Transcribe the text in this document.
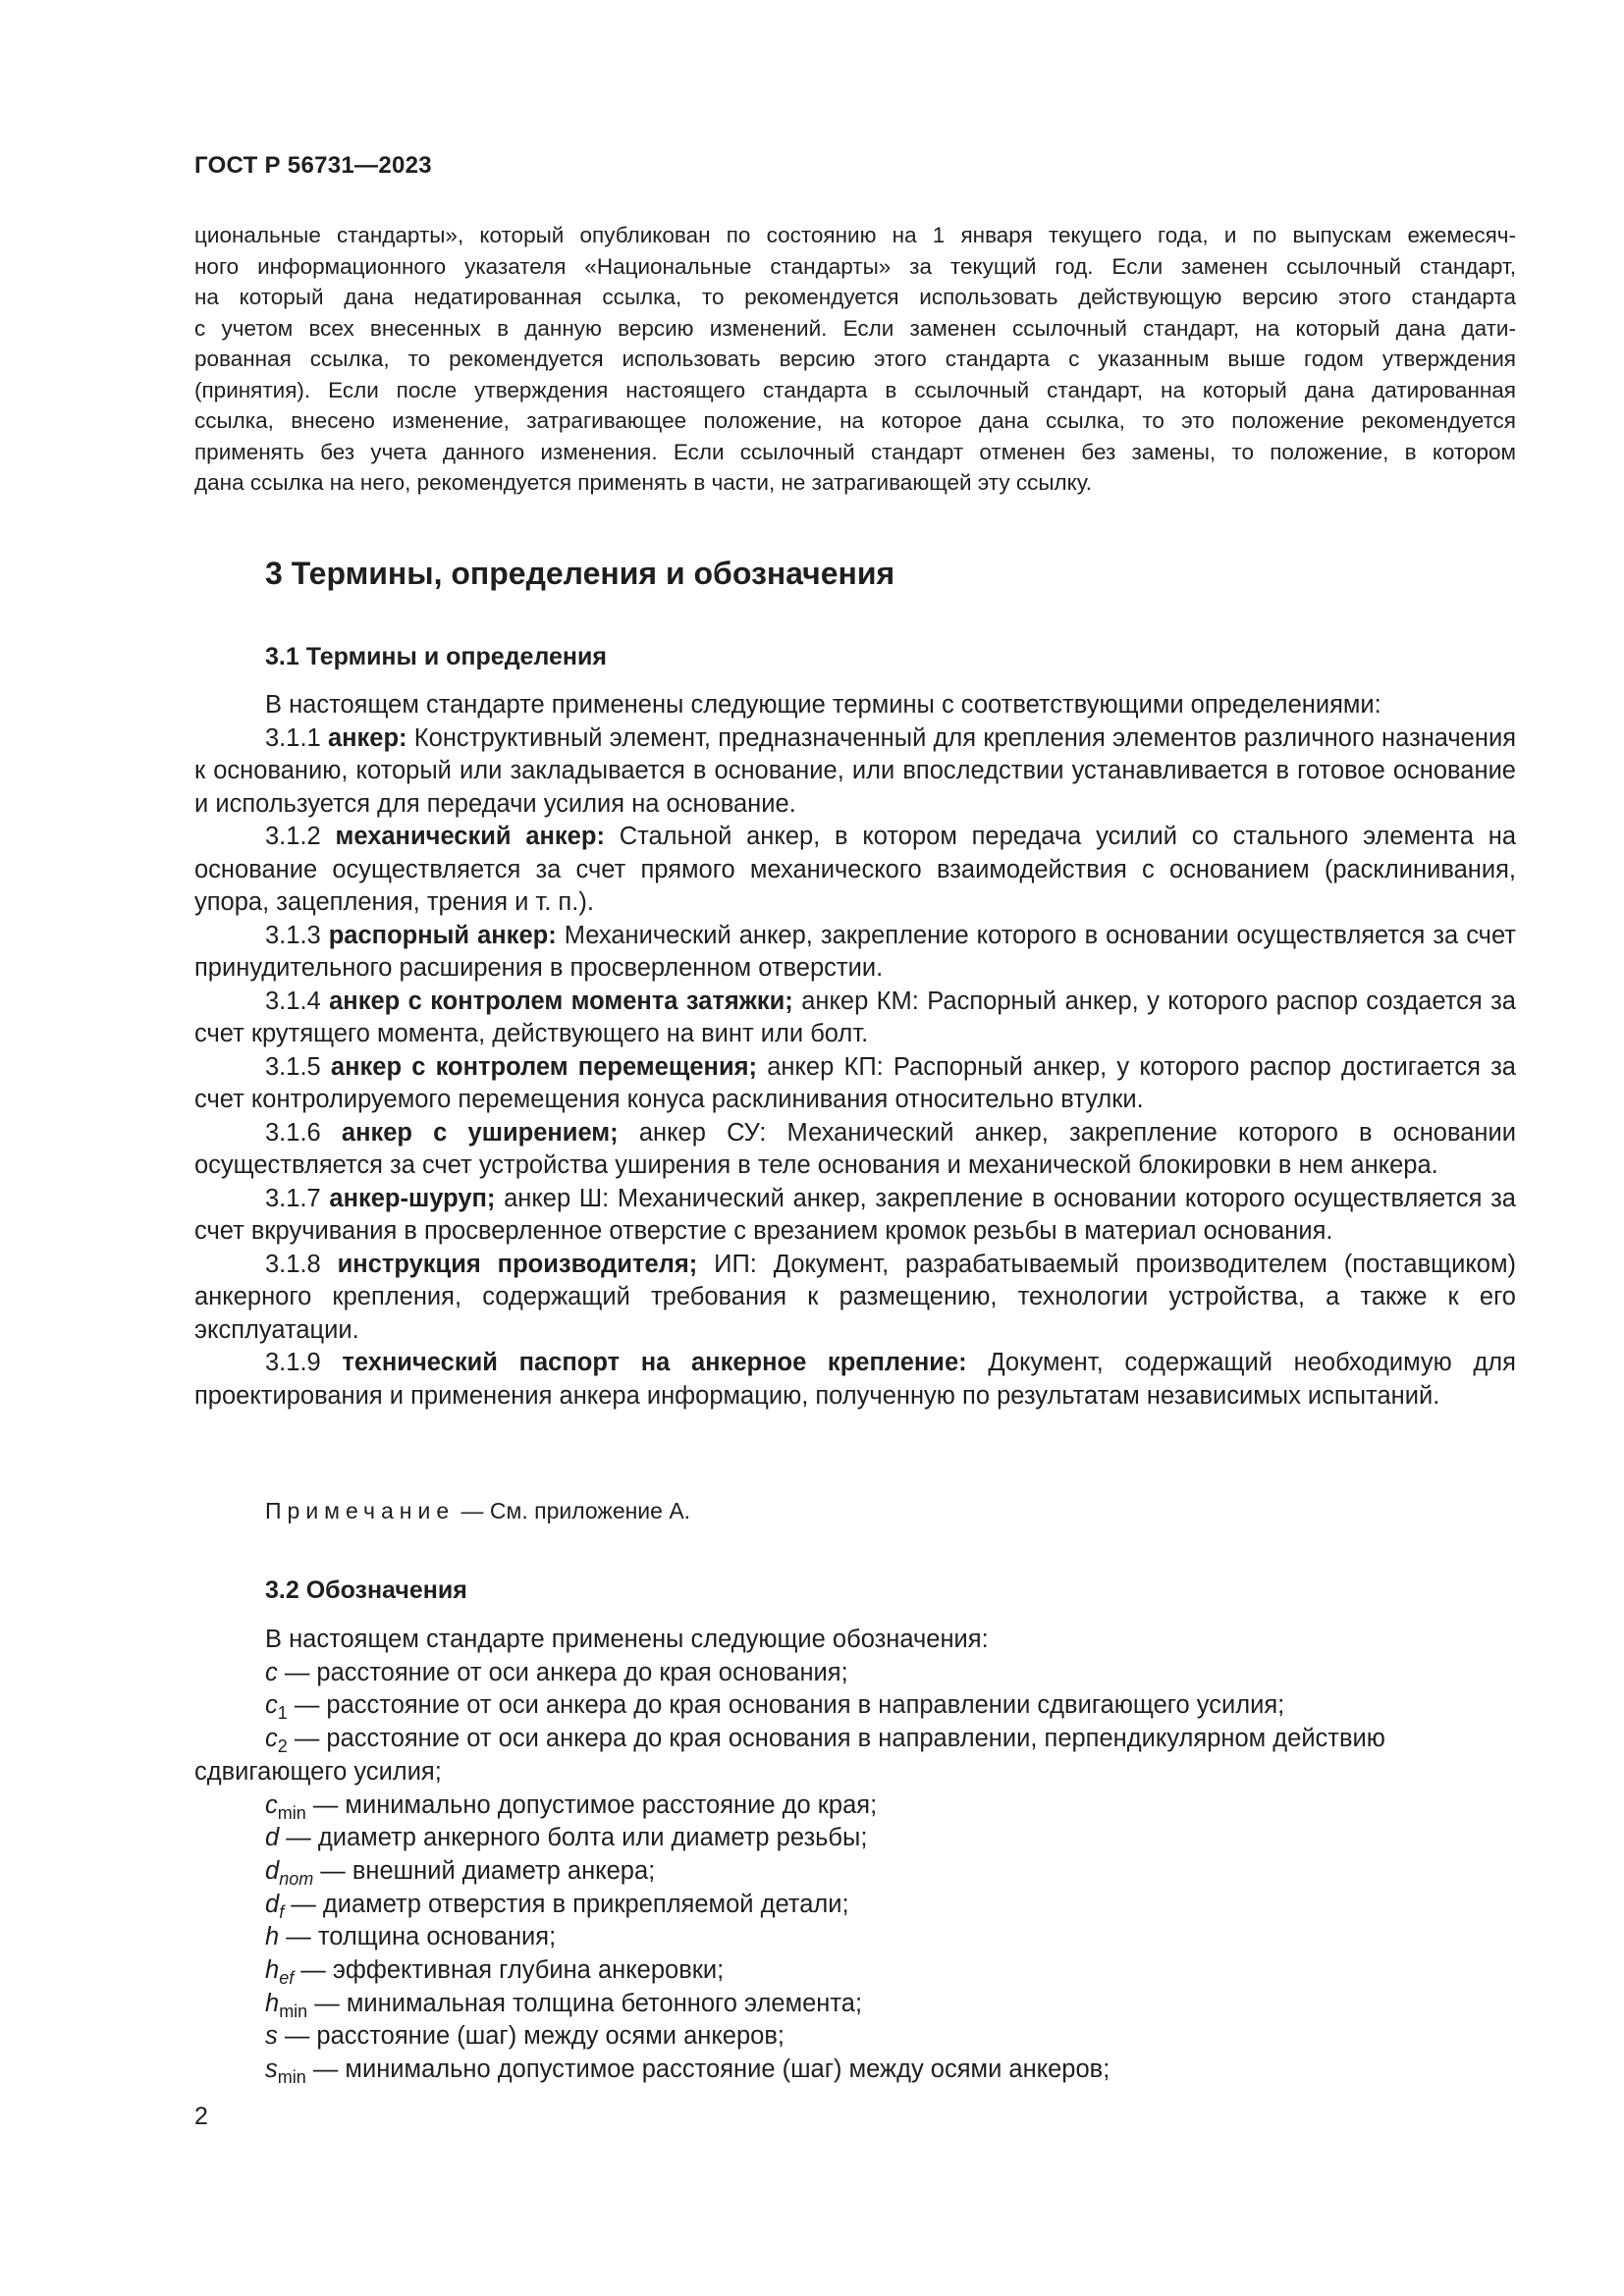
ГОСТ Р 56731—2023
циональные стандарты», который опубликован по состоянию на 1 января текущего года, и по выпускам ежемесяч-
ного информационного указателя «Национальные стандарты» за текущий год. Если заменен ссылочный стандарт,
на который дана недатированная ссылка, то рекомендуется использовать действующую версию этого стандарта
с учетом всех внесенных в данную версию изменений. Если заменен ссылочный стандарт, на который дана дати-
рованная ссылка, то рекомендуется использовать версию этого стандарта с указанным выше годом утверждения
(принятия). Если после утверждения настоящего стандарта в ссылочный стандарт, на который дана датированная
ссылка, внесено изменение, затрагивающее положение, на которое дана ссылка, то это положение рекомендуется
применять без учета данного изменения. Если ссылочный стандарт отменен без замены, то положение, в котором
дана ссылка на него, рекомендуется применять в части, не затрагивающей эту ссылку.
3 Термины, определения и обозначения
3.1 Термины и определения

В настоящем стандарте применены следующие термины с соответствующими определениями:

3.1.1 анкер: Конструктивный элемент, предназначенный для крепления элементов различного назначения к основанию, который или закладывается в основание, или впоследствии устанавливается в готовое основание и используется для передачи усилия на основание.

3.1.2 механический анкер: Стальной анкер, в котором передача усилий со стального элемента на основание осуществляется за счет прямого механического взаимодействия с основанием (расклинивания, упора, зацепления, трения и т. п.).

3.1.3 распорный анкер: Механический анкер, закрепление которого в основании осуществляется за счет принудительного расширения в просверленном отверстии.

3.1.4 анкер с контролем момента затяжки; анкер КМ: Распорный анкер, у которого распор создается за счет крутящего момента, действующего на винт или болт.

3.1.5 анкер с контролем перемещения; анкер КП: Распорный анкер, у которого распор достигается за счет контролируемого перемещения конуса расклинивания относительно втулки.

3.1.6 анкер с уширением; анкер СУ: Механический анкер, закрепление которого в основании осуществляется за счет устройства уширения в теле основания и механической блокировки в нем анкера.

3.1.7 анкер-шуруп; анкер Ш: Механический анкер, закрепление в основании которого осуществляется за счет вкручивания в просверленное отверстие с врезанием кромок резьбы в материал основания.

3.1.8 инструкция производителя; ИП: Документ, разрабатываемый производителем (поставщиком) анкерного крепления, содержащий требования к размещению, технологии устройства, а также к его эксплуатации.

3.1.9 технический паспорт на анкерное крепление: Документ, содержащий необходимую для проектирования и применения анкера информацию, полученную по результатам независимых испытаний.

Примечание — См. приложение А.
3.2 Обозначения

В настоящем стандарте применены следующие обозначения:

c — расстояние от оси анкера до края основания;

$c_1$ — расстояние от оси анкера до края основания в направлении сдвигающего усилия;

$c_2$ — расстояние от оси анкера до края основания в направлении, перпендикулярном действию сдвигающего усилия;

$c_{min}$ — минимально допустимое расстояние до края;

d — диаметр анкерного болта или диаметр резьбы;

$d_{nom}$ — внешний диаметр анкера;

$d_f$ — диаметр отверстия в прикрепляемой детали;

h — толщина основания;

$h_{ef}$ — эффективная глубина анкеровки;

$h_{min}$ — минимальная толщина бетонного элемента;

s — расстояние (шаг) между осями анкеров;

$s_{min}$ — минимально допустимое расстояние (шаг) между осями анкеров;

2
